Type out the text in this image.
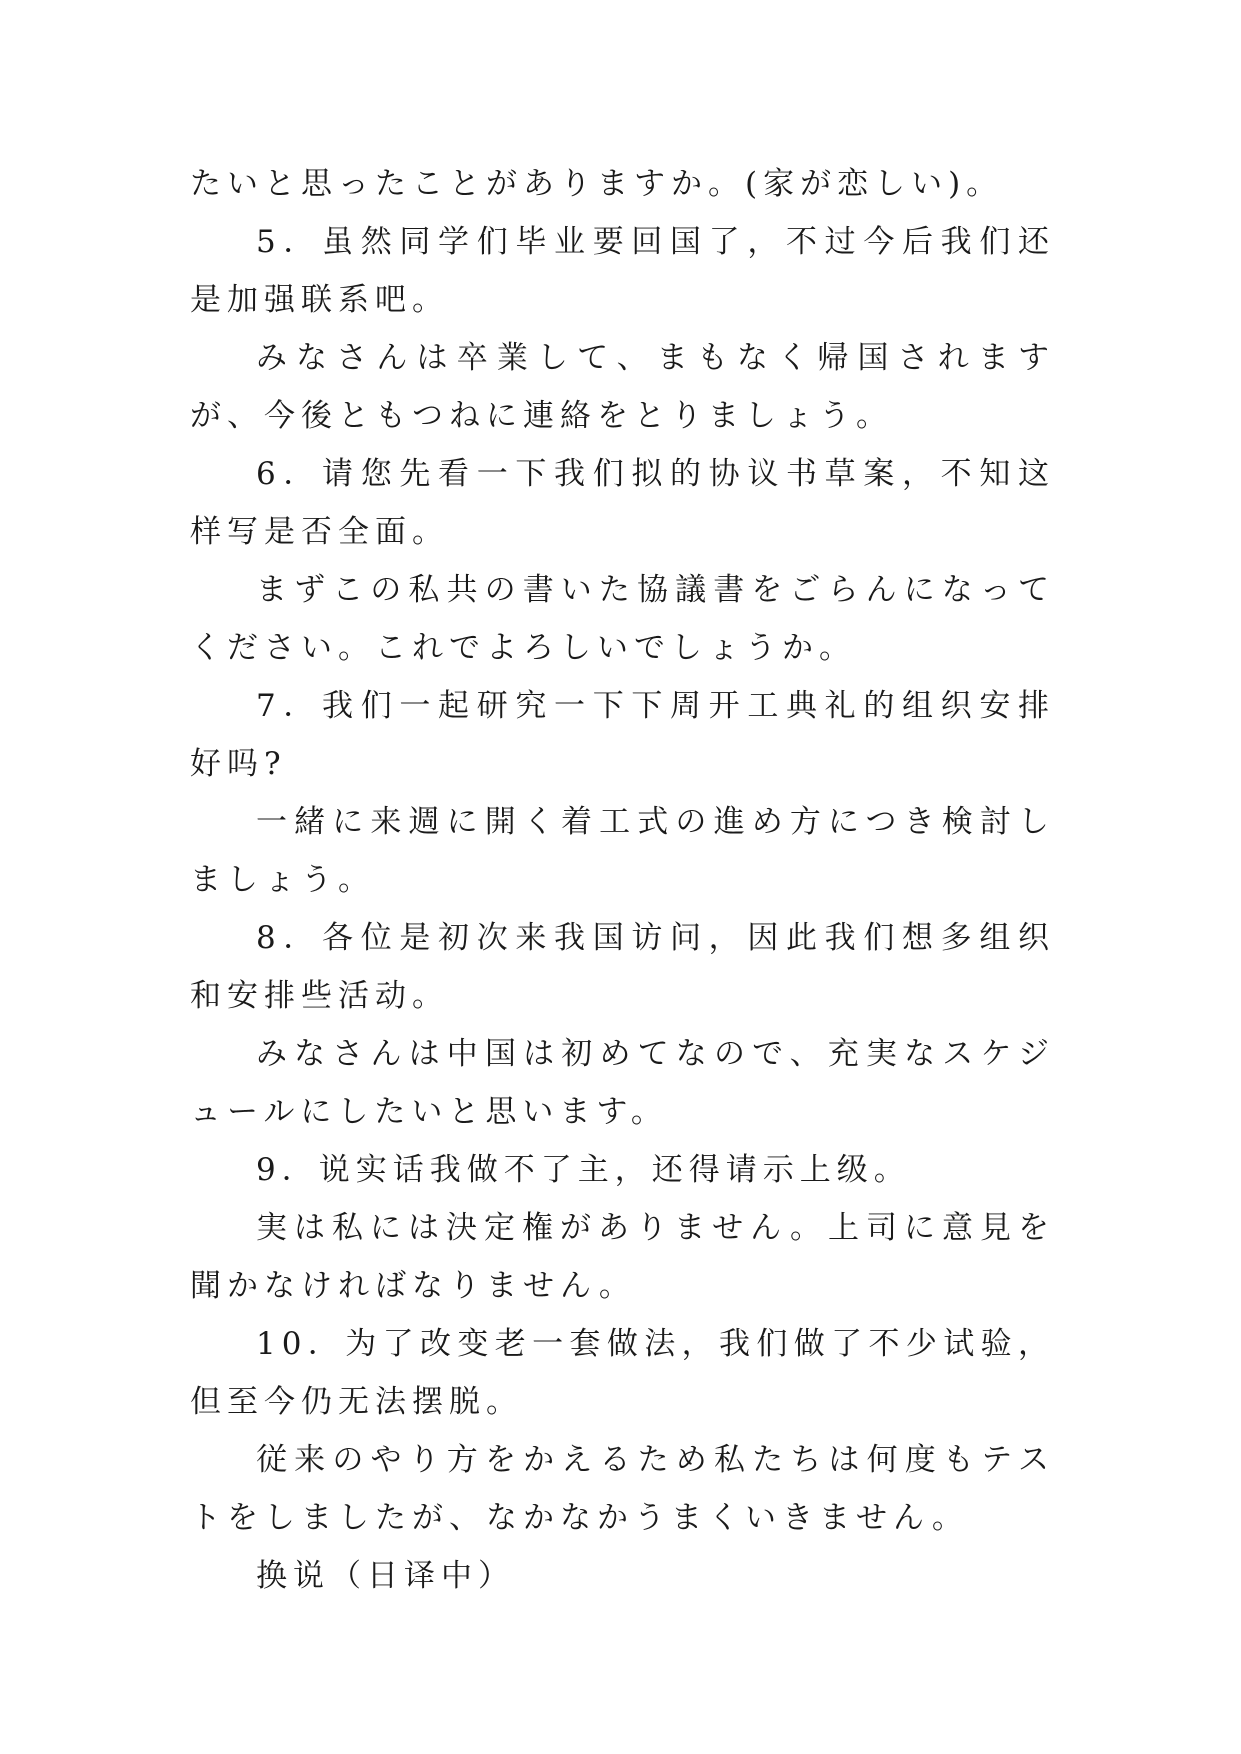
たいと思ったことがありますか。(家が恋しい)。

5．虽然同学们毕业要回国了，不过今后我们还是加强联系吧。

みなさんは卒業して、まもなく帰国されますが、今後ともつねに連絡をとりましょう。

6．请您先看一下我们拟的协议书草案，不知这样写是否全面。

まずこの私共の書いた協議書をごらんになってください。これでよろしいでしょうか。

7．我们一起研究一下下周开工典礼的组织安排好吗?

一緒に来週に開く着工式の進め方につき検討しましょう。

8．各位是初次来我国访问，因此我们想多组织和安排些活动。

みなさんは中国は初めてなので、充実なスケジュールにしたいと思います。

9．说实话我做不了主，还得请示上级。

実は私には決定権がありません。上司に意見を聞かなければなりません。

10．为了改变老一套做法，我们做了不少试验，但至今仍无法摆脱。

従来のやり方をかえるため私たちは何度もテストをしましたが、なかなかうまくいきません。

换说（日译中）
